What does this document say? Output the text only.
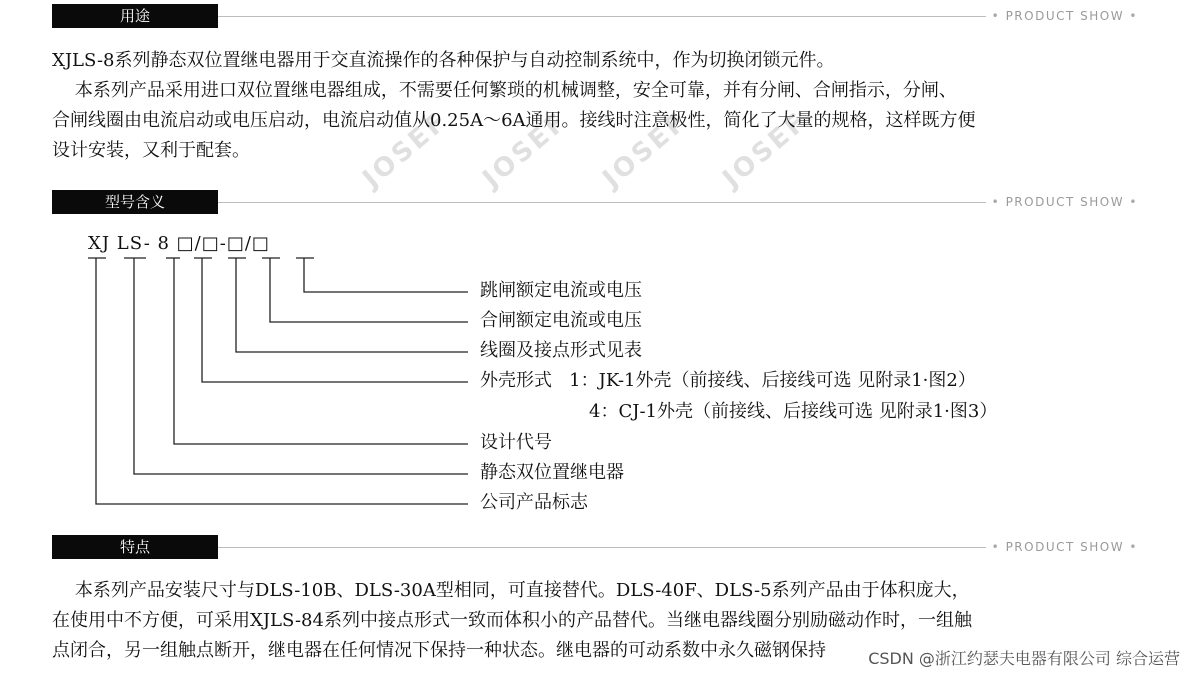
用途	• PRODUCT SHOW •
XJLS-8系列静态双位置继电器用于交直流操作的各种保护与自动控制系统中，作为切换闭锁元件。
本系列产品采用进口双位置继电器组成，不需要任何繁琐的机械调整，安全可靠，并有分闸、合闸指示，分闸、
合闸线圈由电流启动或电压启动，电流启动值从0.25A～6A通用。接线时注意极性，简化了大量的规格，这样既方便
设计安装，又利于配套。	JOSEF JOSEF JOSEF JOSEF
型号含义	• PRODUCT SHOW •
XJ LS- 8 □/□-□/□
跳闸额定电流或电压
合闸额定电流或电压
线圈及接点形式见表
外壳形式   1：JK-1外壳（前接线、后接线可选 见附录1·图2）
4：CJ-1外壳（前接线、后接线可选 见附录1·图3）
设计代号
静态双位置继电器
公司产品标志
特点	• PRODUCT SHOW •
本系列产品安装尺寸与DLS-10B、DLS-30A型相同，可直接替代。DLS-40F、DLS-5系列产品由于体积庞大，
在使用中不方便，可采用XJLS-84系列中接点形式一致而体积小的产品替代。当继电器线圈分别励磁动作时，一组触
点闭合，另一组触点断开，继电器在任何情况下保持一种状态。继电器的可动系数中永久磁钢保持	CSDN @浙江约瑟夫电器有限公司 综合运营
